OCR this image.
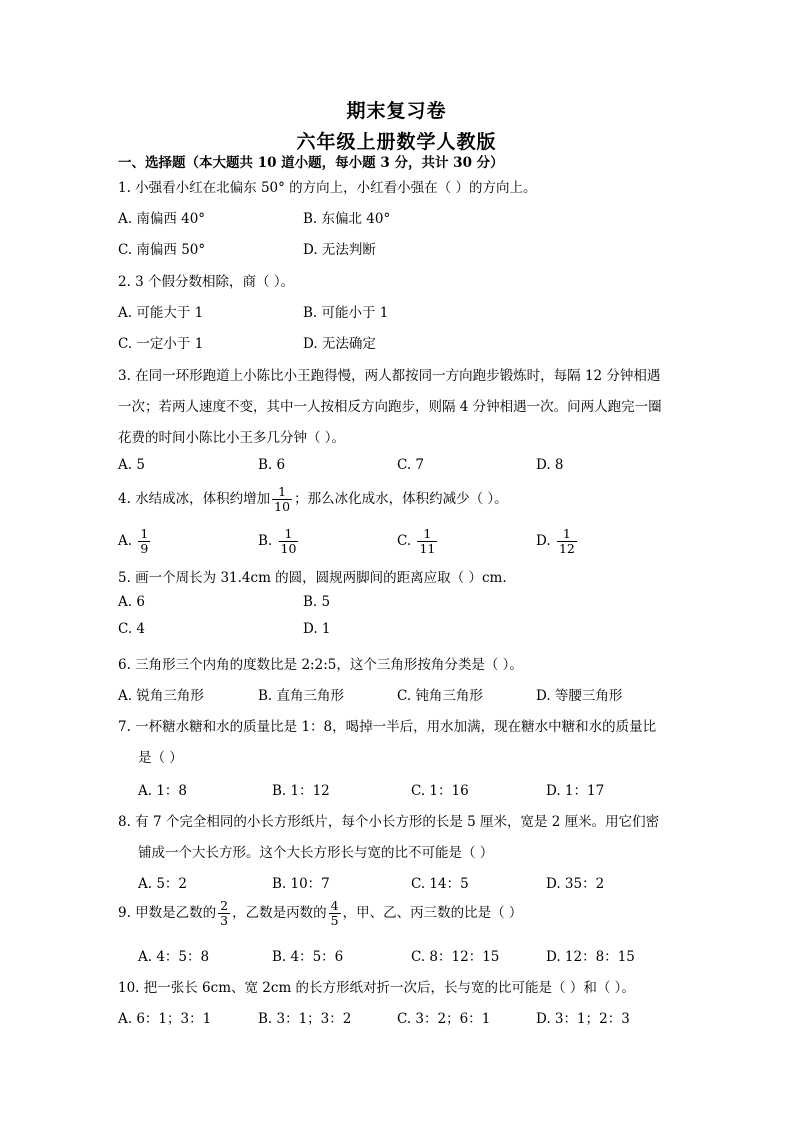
期末复习卷
六年级上册数学人教版
一、选择题（本大题共 10 道小题，每小题 3 分，共计 30 分）
1. 小强看小红在北偏东 50° 的方向上，小红看小强在（ ）的方向上。
A. 南偏西 40°	B. 东偏北 40°
C. 南偏西 50°	D. 无法判断
2. 3 个假分数相除，商（ ）。
A. 可能大于 1	B. 可能小于 1
C. 一定小于 1	D. 无法确定
3. 在同一环形跑道上小陈比小王跑得慢，两人都按同一方向跑步锻炼时，每隔 12 分钟相遇
一次；若两人速度不变，其中一人按相反方向跑步，则隔 4 分钟相遇一次。问两人跑完一圈
花费的时间小陈比小王多几分钟（ ）。
A. 5	B. 6	C. 7	D. 8
4. 水结成冰，体积约增加 $\frac{1}{10}$ ；那么冰化成水，体积约减少（ ）。
A. $\frac{1}{9}$	B. $\frac{1}{10}$	C. $\frac{1}{11}$	D. $\frac{1}{12}$
5. 画一个周长为 31.4cm 的圆，圆规两脚间的距离应取（ ）cm.
A. 6	B. 5
C. 4	D. 1
6. 三角形三个内角的度数比是 2:2:5，这个三角形按角分类是（ ）。
A. 锐角三角形	B. 直角三角形	C. 钝角三角形	D. 等腰三角形
7. 一杯糖水糖和水的质量比是 1：8，喝掉一半后，用水加满，现在糖水中糖和水的质量比
是（ ）
A. 1：8	B. 1：12	C. 1：16	D. 1：17
8. 有 7 个完全相同的小长方形纸片，每个小长方形的长是 5 厘米，宽是 2 厘米。用它们密
铺成一个大长方形。这个大长方形长与宽的比不可能是（ ）
A. 5：2	B. 10：7	C. 14：5	D. 35：2
9. 甲数是乙数的 $\frac{2}{3}$ ，乙数是丙数的 $\frac{4}{5}$ ，甲、乙、丙三数的比是（ ）
A. 4：5：8	B. 4：5：6	C. 8：12：15	D. 12：8：15
10. 把一张长 6cm、宽 2cm 的长方形纸对折一次后，长与宽的比可能是（ ）和（ ）。
A. 6：1；3：1	B. 3：1；3：2	C. 3：2；6：1	D. 3：1；2：3
